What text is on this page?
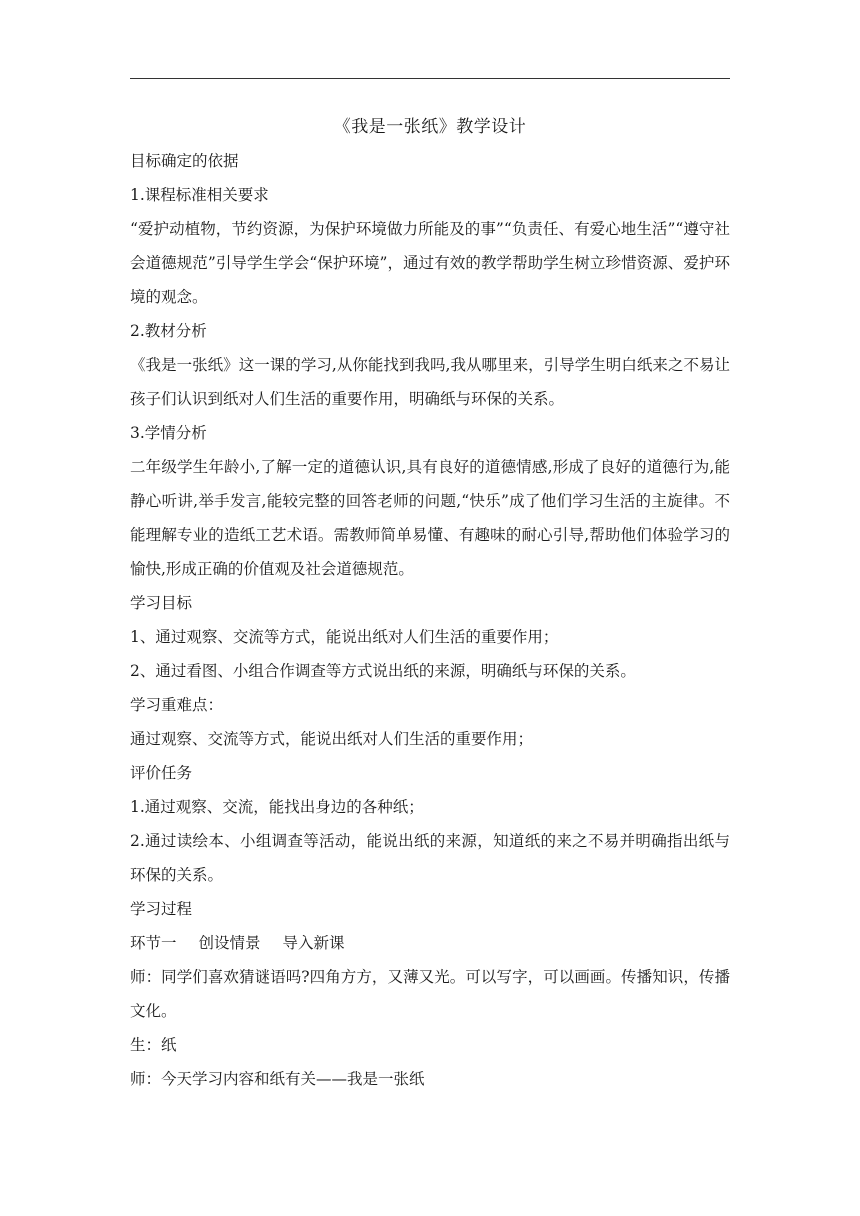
《我是一张纸》教学设计

目标确定的依据

1.课程标准相关要求

“爱护动植物，节约资源，为保护环境做力所能及的事”“负责任、有爱心地生活”“遵守社会道德规范”引导学生学会“保护环境”，通过有效的教学帮助学生树立珍惜资源、爱护环境的观念。

2.教材分析

《我是一张纸》这一课的学习,从你能找到我吗,我从哪里来，引导学生明白纸来之不易让孩子们认识到纸对人们生活的重要作用，明确纸与环保的关系。

3.学情分析

二年级学生年龄小,了解一定的道德认识,具有良好的道德情感,形成了良好的道德行为,能静心听讲,举手发言,能较完整的回答老师的问题,“快乐”成了他们学习生活的主旋律。不能理解专业的造纸工艺术语。需教师简单易懂、有趣味的耐心引导,帮助他们体验学习的愉快,形成正确的价值观及社会道德规范。

学习目标

1、通过观察、交流等方式，能说出纸对人们生活的重要作用；

2、通过看图、小组合作调查等方式说出纸的来源，明确纸与环保的关系。

学习重难点：

通过观察、交流等方式，能说出纸对人们生活的重要作用；

评价任务

1.通过观察、交流，能找出身边的各种纸；

2.通过读绘本、小组调查等活动，能说出纸的来源，知道纸的来之不易并明确指出纸与环保的关系。

学习过程

环节一 创设情景 导入新课

师：同学们喜欢猜谜语吗?四角方方，又薄又光。可以写字，可以画画。传播知识，传播文化。

生：纸

师：今天学习内容和纸有关——我是一张纸
